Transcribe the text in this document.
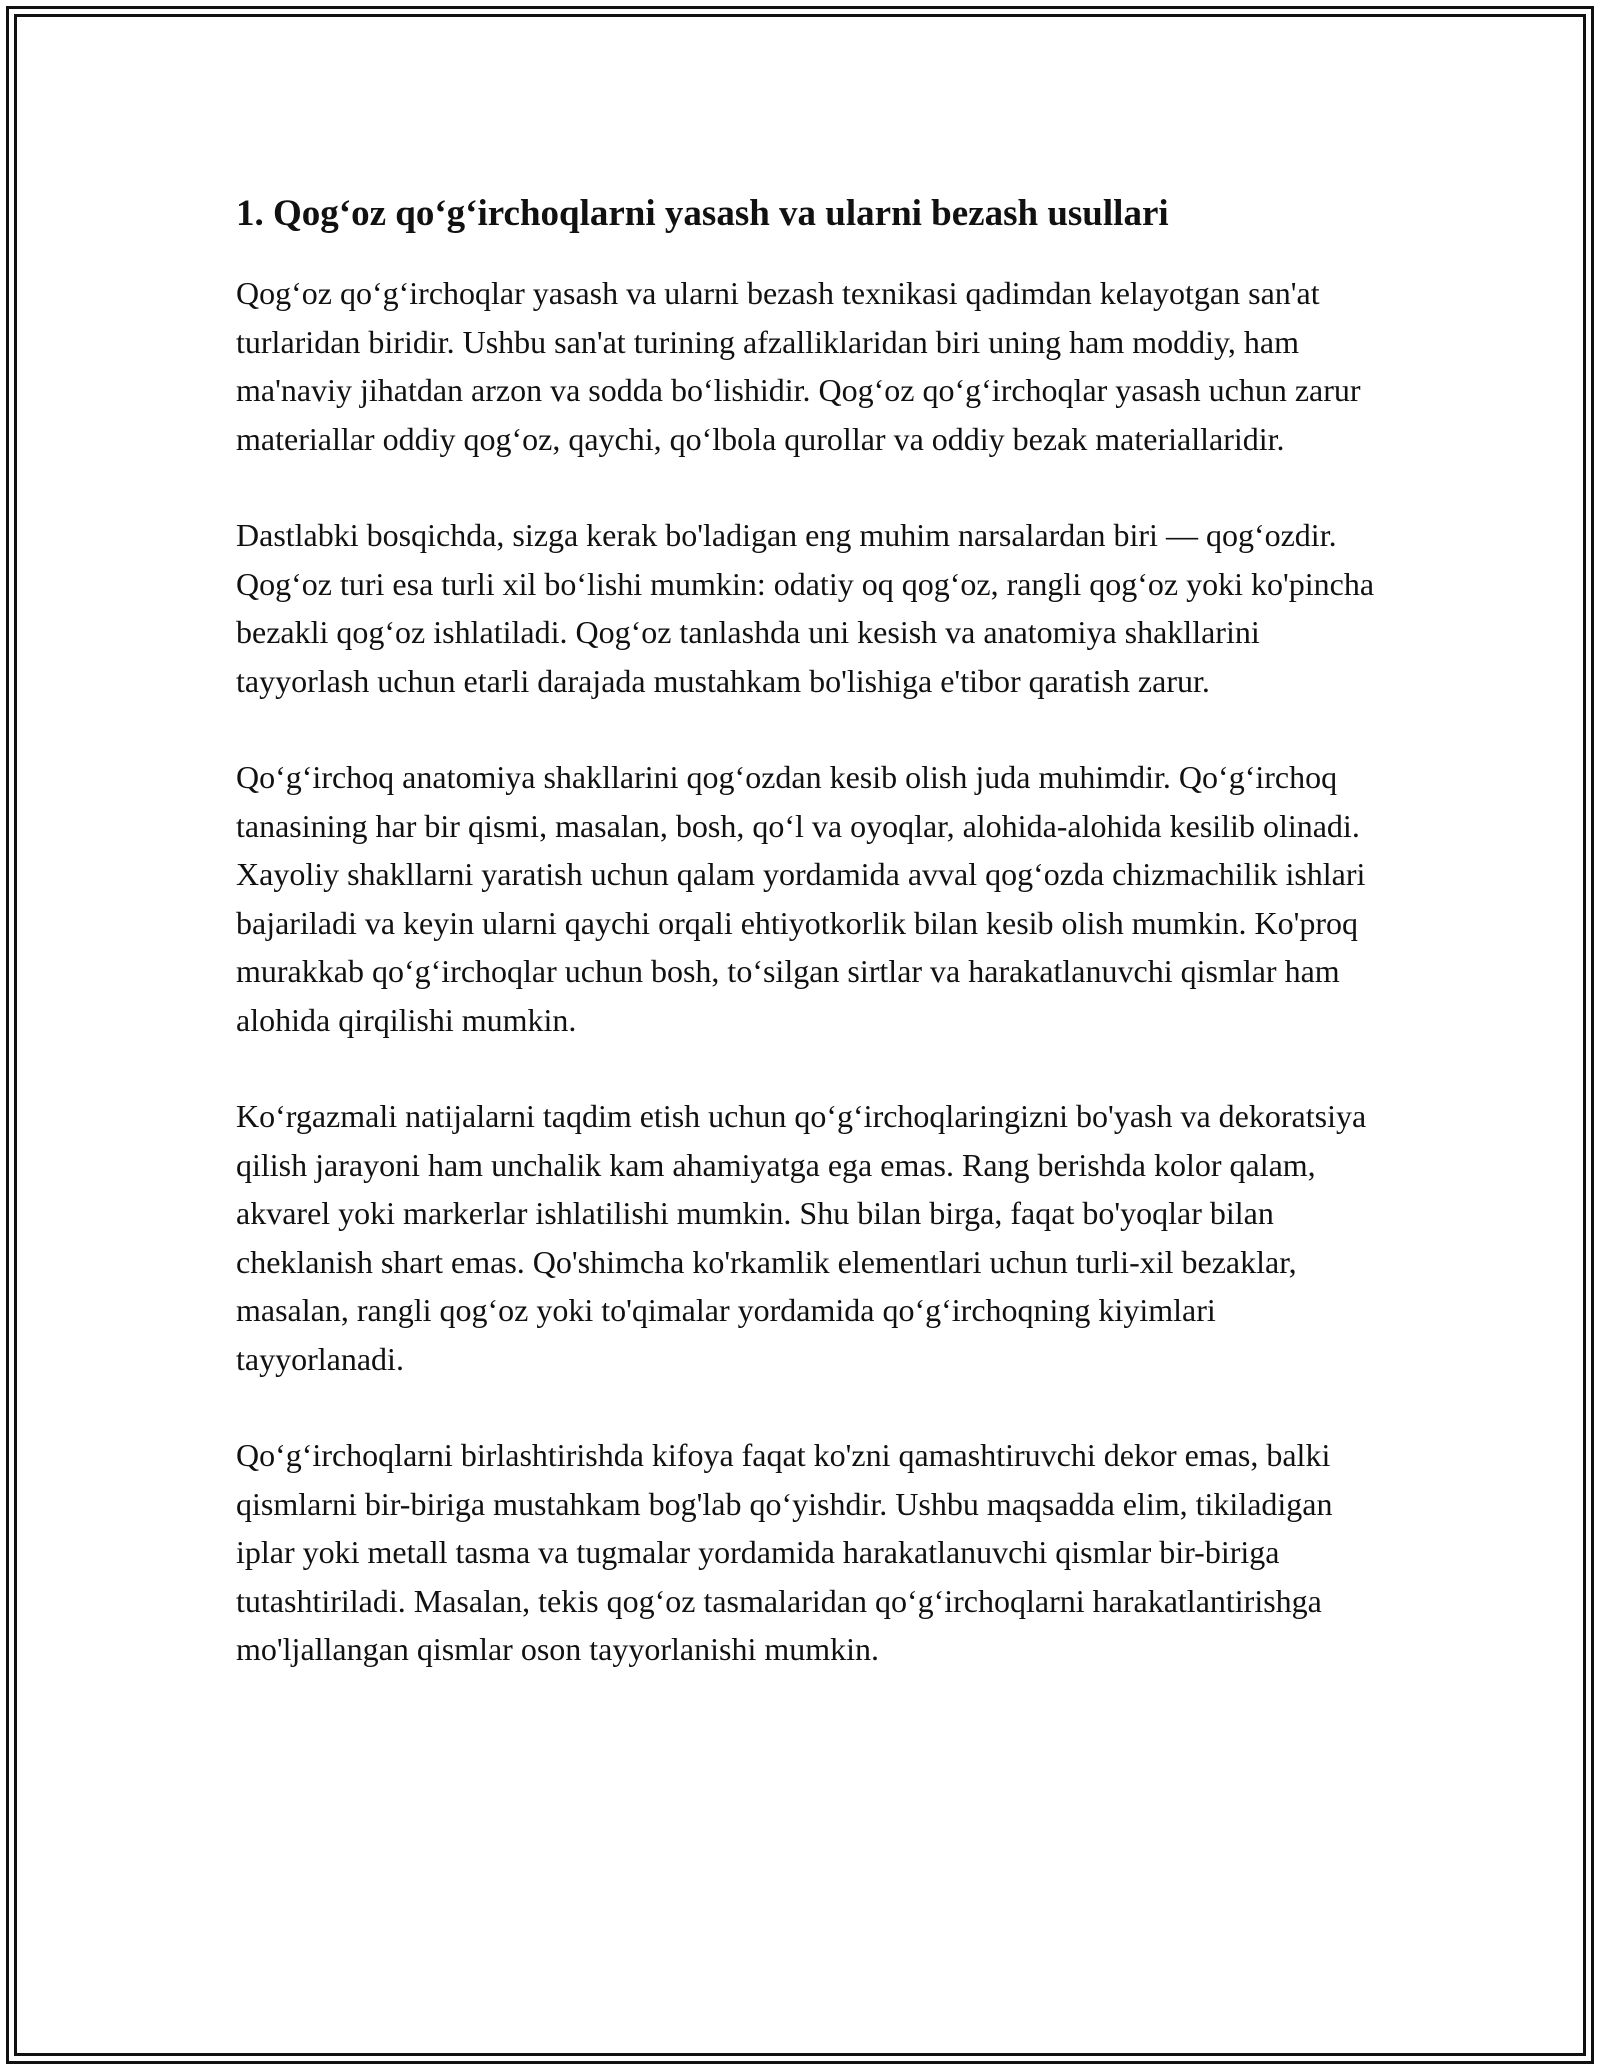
1. Qog‘oz qo‘g‘irchoqlarni yasash va ularni bezash usullari

Qog‘oz qo‘g‘irchoqlar yasash va ularni bezash texnikasi qadimdan kelayotgan san'at turlaridan biridir. Ushbu san'at turining afzalliklaridan biri uning ham moddiy, ham ma'naviy jihatdan arzon va sodda bo‘lishidir. Qog‘oz qo‘g‘irchoqlar yasash uchun zarur materiallar oddiy qog‘oz, qaychi, qo‘lbola qurollar va oddiy bezak materiallaridir.

Dastlabki bosqichda, sizga kerak bo'ladigan eng muhim narsalardan biri — qog‘ozdir. Qog‘oz turi esa turli xil bo‘lishi mumkin: odatiy oq qog‘oz, rangli qog‘oz yoki ko'pincha bezakli qog‘oz ishlatiladi. Qog‘oz tanlashda uni kesish va anatomiya shakllarini tayyorlash uchun etarli darajada mustahkam bo'lishiga e'tibor qaratish zarur.

Qo‘g‘irchoq anatomiya shakllarini qog‘ozdan kesib olish juda muhimdir. Qo‘g‘irchoq tanasining har bir qismi, masalan, bosh, qo‘l va oyoqlar, alohida-alohida kesilib olinadi. Xayoliy shakllarni yaratish uchun qalam yordamida avval qog‘ozda chizmachilik ishlari bajariladi va keyin ularni qaychi orqali ehtiyotkorlik bilan kesib olish mumkin. Ko'proq murakkab qo‘g‘irchoqlar uchun bosh, to‘silgan sirtlar va harakatlanuvchi qismlar ham alohida qirqilishi mumkin.

Ko‘rgazmali natijalarni taqdim etish uchun qo‘g‘irchoqlaringizni bo'yash va dekoratsiya qilish jarayoni ham unchalik kam ahamiyatga ega emas. Rang berishda kolor qalam, akvarel yoki markerlar ishlatilishi mumkin. Shu bilan birga, faqat bo'yoqlar bilan cheklanish shart emas. Qo'shimcha ko'rkamlik elementlari uchun turli-xil bezaklar, masalan, rangli qog‘oz yoki to'qimalar yordamida qo‘g‘irchoqning kiyimlari tayyorlanadi.

Qo‘g‘irchoqlarni birlashtirishda kifoya faqat ko'zni qamashtiruvchi dekor emas, balki qismlarni bir-biriga mustahkam bog'lab qo‘yishdir. Ushbu maqsadda elim, tikiladigan iplar yoki metall tasma va tugmalar yordamida harakatlanuvchi qismlar bir-biriga tutashtiriladi. Masalan, tekis qog‘oz tasmalaridan qo‘g‘irchoqlarni harakatlantirishga mo'ljallangan qismlar oson tayyorlanishi mumkin.
